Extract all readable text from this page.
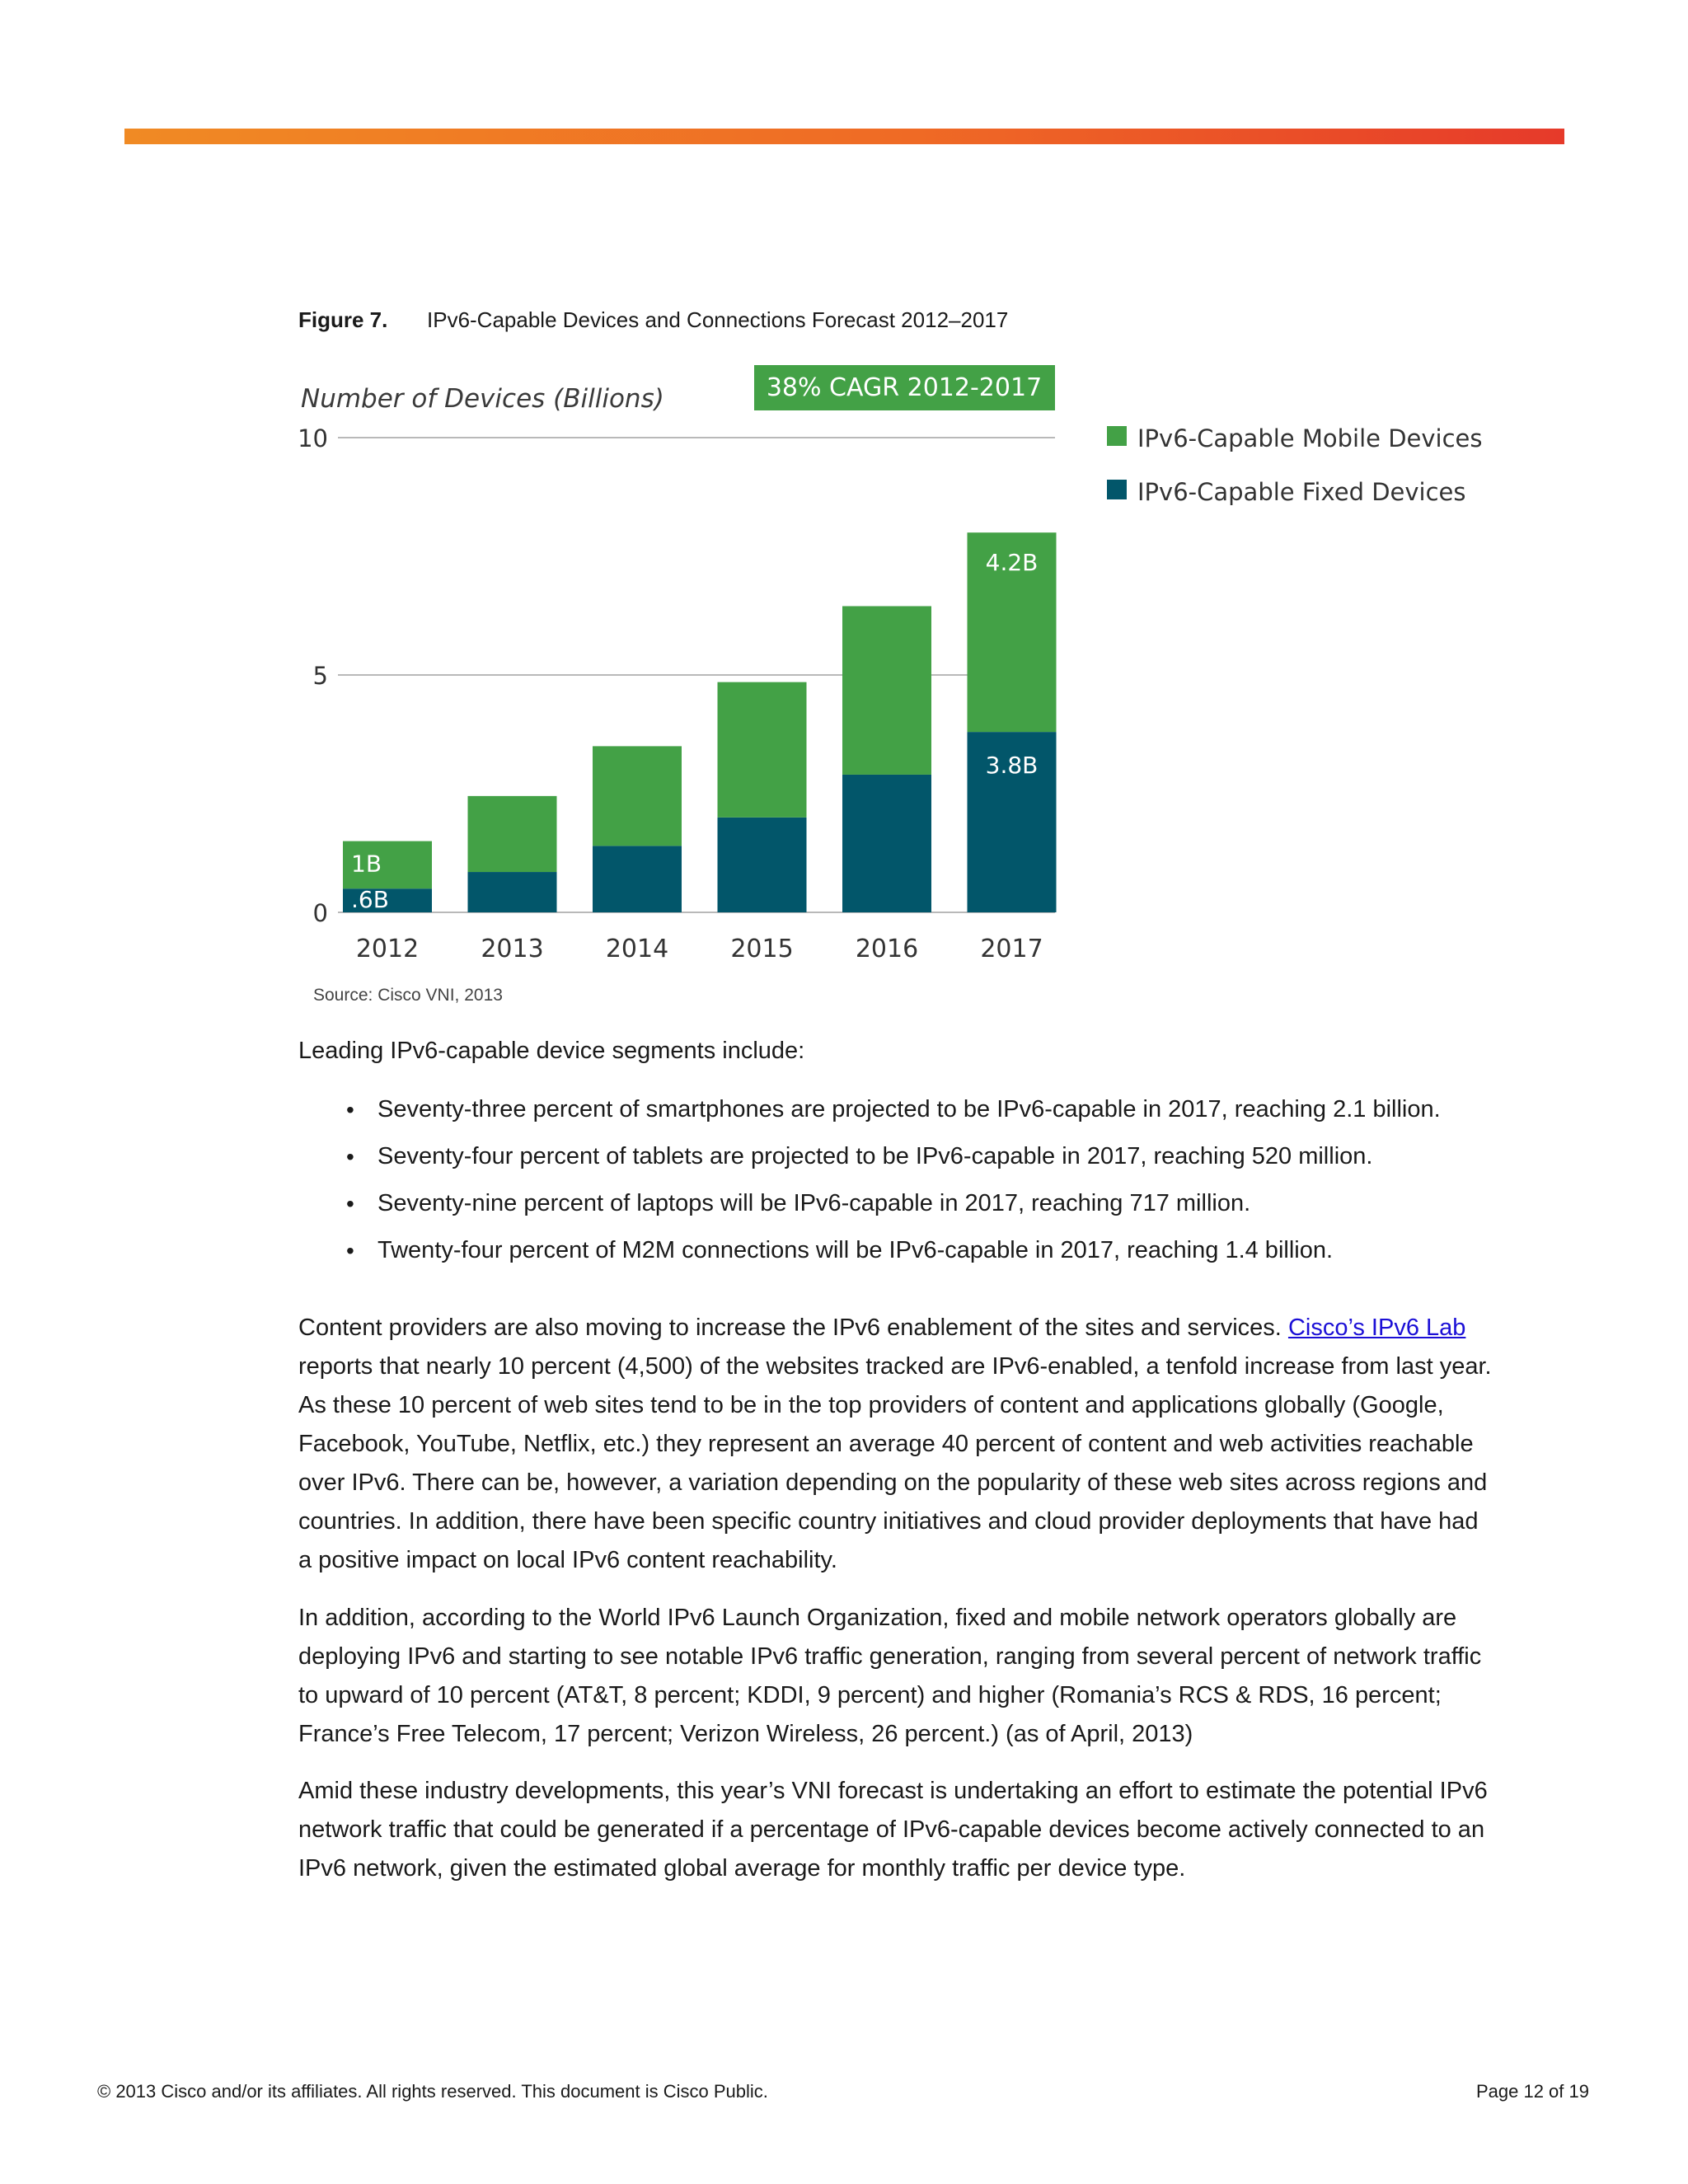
Figure 7. IPv6-Capable Devices and Connections Forecast 2012–2017
Number of Devices (Billions)	38% CAGR 2012-2017
0
5
10
2012	2013	2014	2015	2016	2017
.6B
1B
3.8B
4.2B
IPv6-Capable Mobile Devices
IPv6-Capable Fixed Devices
Source: Cisco VNI, 2013
Leading IPv6-capable device segments include:
• Seventy-three percent of smartphones are projected to be IPv6-capable in 2017, reaching 2.1 billion.
• Seventy-four percent of tablets are projected to be IPv6-capable in 2017, reaching 520 million.
• Seventy-nine percent of laptops will be IPv6-capable in 2017, reaching 717 million.
• Twenty-four percent of M2M connections will be IPv6-capable in 2017, reaching 1.4 billion.
Content providers are also moving to increase the IPv6 enablement of the sites and services. Cisco’s IPv6 Lab
reports that nearly 10 percent (4,500) of the websites tracked are IPv6-enabled, a tenfold increase from last year.
As these 10 percent of web sites tend to be in the top providers of content and applications globally (Google,
Facebook, YouTube, Netflix, etc.) they represent an average 40 percent of content and web activities reachable
over IPv6. There can be, however, a variation depending on the popularity of these web sites across regions and
countries. In addition, there have been specific country initiatives and cloud provider deployments that have had
a positive impact on local IPv6 content reachability.
In addition, according to the World IPv6 Launch Organization, fixed and mobile network operators globally are
deploying IPv6 and starting to see notable IPv6 traffic generation, ranging from several percent of network traffic
to upward of 10 percent (AT&T, 8 percent; KDDI, 9 percent) and higher (Romania’s RCS & RDS, 16 percent;
France’s Free Telecom, 17 percent; Verizon Wireless, 26 percent.) (as of April, 2013)
Amid these industry developments, this year’s VNI forecast is undertaking an effort to estimate the potential IPv6
network traffic that could be generated if a percentage of IPv6-capable devices become actively connected to an
IPv6 network, given the estimated global average for monthly traffic per device type.
© 2013 Cisco and/or its affiliates. All rights reserved. This document is Cisco Public.	Page 12 of 19
